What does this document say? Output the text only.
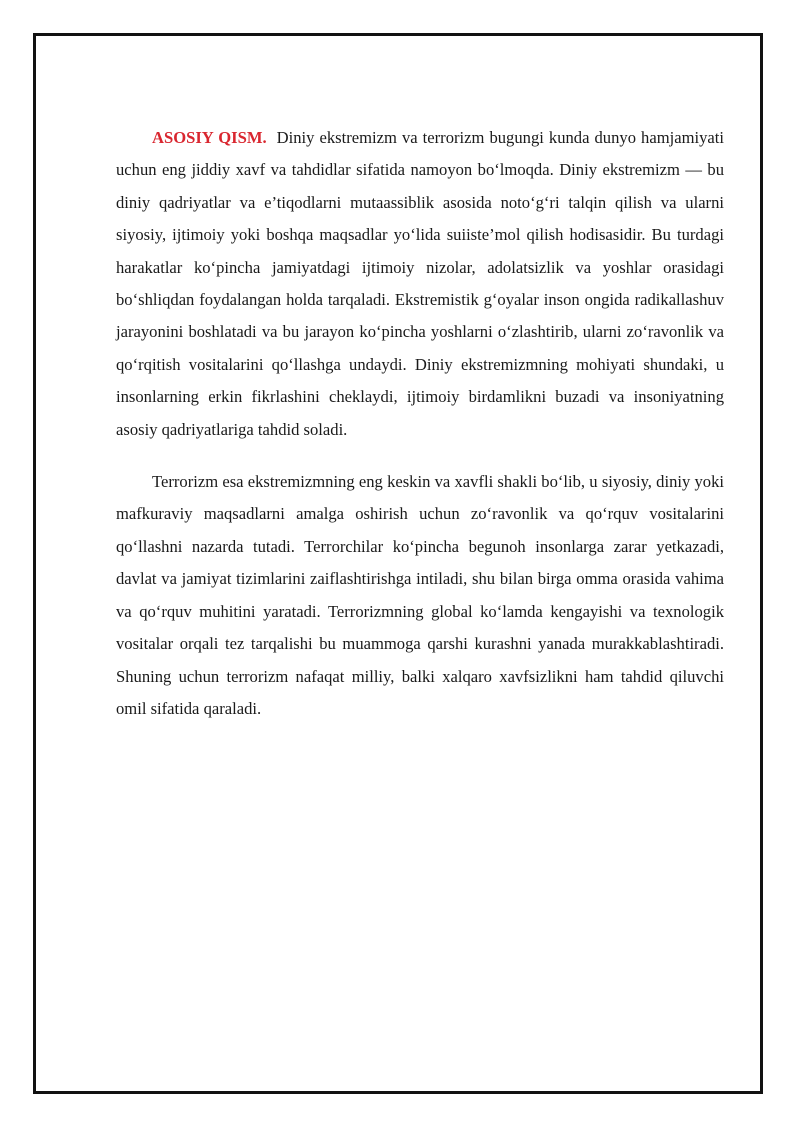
ASOSIY QISM. Diniy ekstremizm va terrorizm bugungi kunda dunyo hamjamiyati uchun eng jiddiy xavf va tahdidlar sifatida namoyon bo‘lmoqda. Diniy ekstremizm — bu diniy qadriyatlar va e’tiqodlarni mutaassiblik asosida noto‘g‘ri talqin qilish va ularni siyosiy, ijtimoiy yoki boshqa maqsadlar yo‘lida suiiste’mol qilish hodisasidir. Bu turdagi harakatlar ko‘pincha jamiyatdagi ijtimoiy nizolar, adolatsizlik va yoshlar orasidagi bo‘shliqdan foydalangan holda tarqaladi. Ekstremistik g‘oyalar inson ongida radikallashuv jarayonini boshlatadi va bu jarayon ko‘pincha yoshlarni o‘zlashtirib, ularni zo‘ravonlik va qo‘rqitish vositalarini qo‘llashga undaydi. Diniy ekstremizmning mohiyati shundaki, u insonlarning erkin fikrlashini cheklaydi, ijtimoiy birdamlikni buzadi va insoniyatning asosiy qadriyatlariga tahdid soladi.

Terrorizm esa ekstremizmning eng keskin va xavfli shakli bo‘lib, u siyosiy, diniy yoki mafkuraviy maqsadlarni amalga oshirish uchun zo‘ravonlik va qo‘rquv vositalarini qo‘llashni nazarda tutadi. Terrorchilar ko‘pincha begunoh insonlarga zarar yetkazadi, davlat va jamiyat tizimlarini zaiflashtirishga intiladi, shu bilan birga omma orasida vahima va qo‘rquv muhitini yaratadi. Terrorizmning global ko‘lamda kengayishi va texnologik vositalar orqali tez tarqalishi bu muammoga qarshi kurashni yanada murakkablashtiradi. Shuning uchun terrorizm nafaqat milliy, balki xalqaro xavfsizlikni ham tahdid qiluvchi omil sifatida qaraladi.
